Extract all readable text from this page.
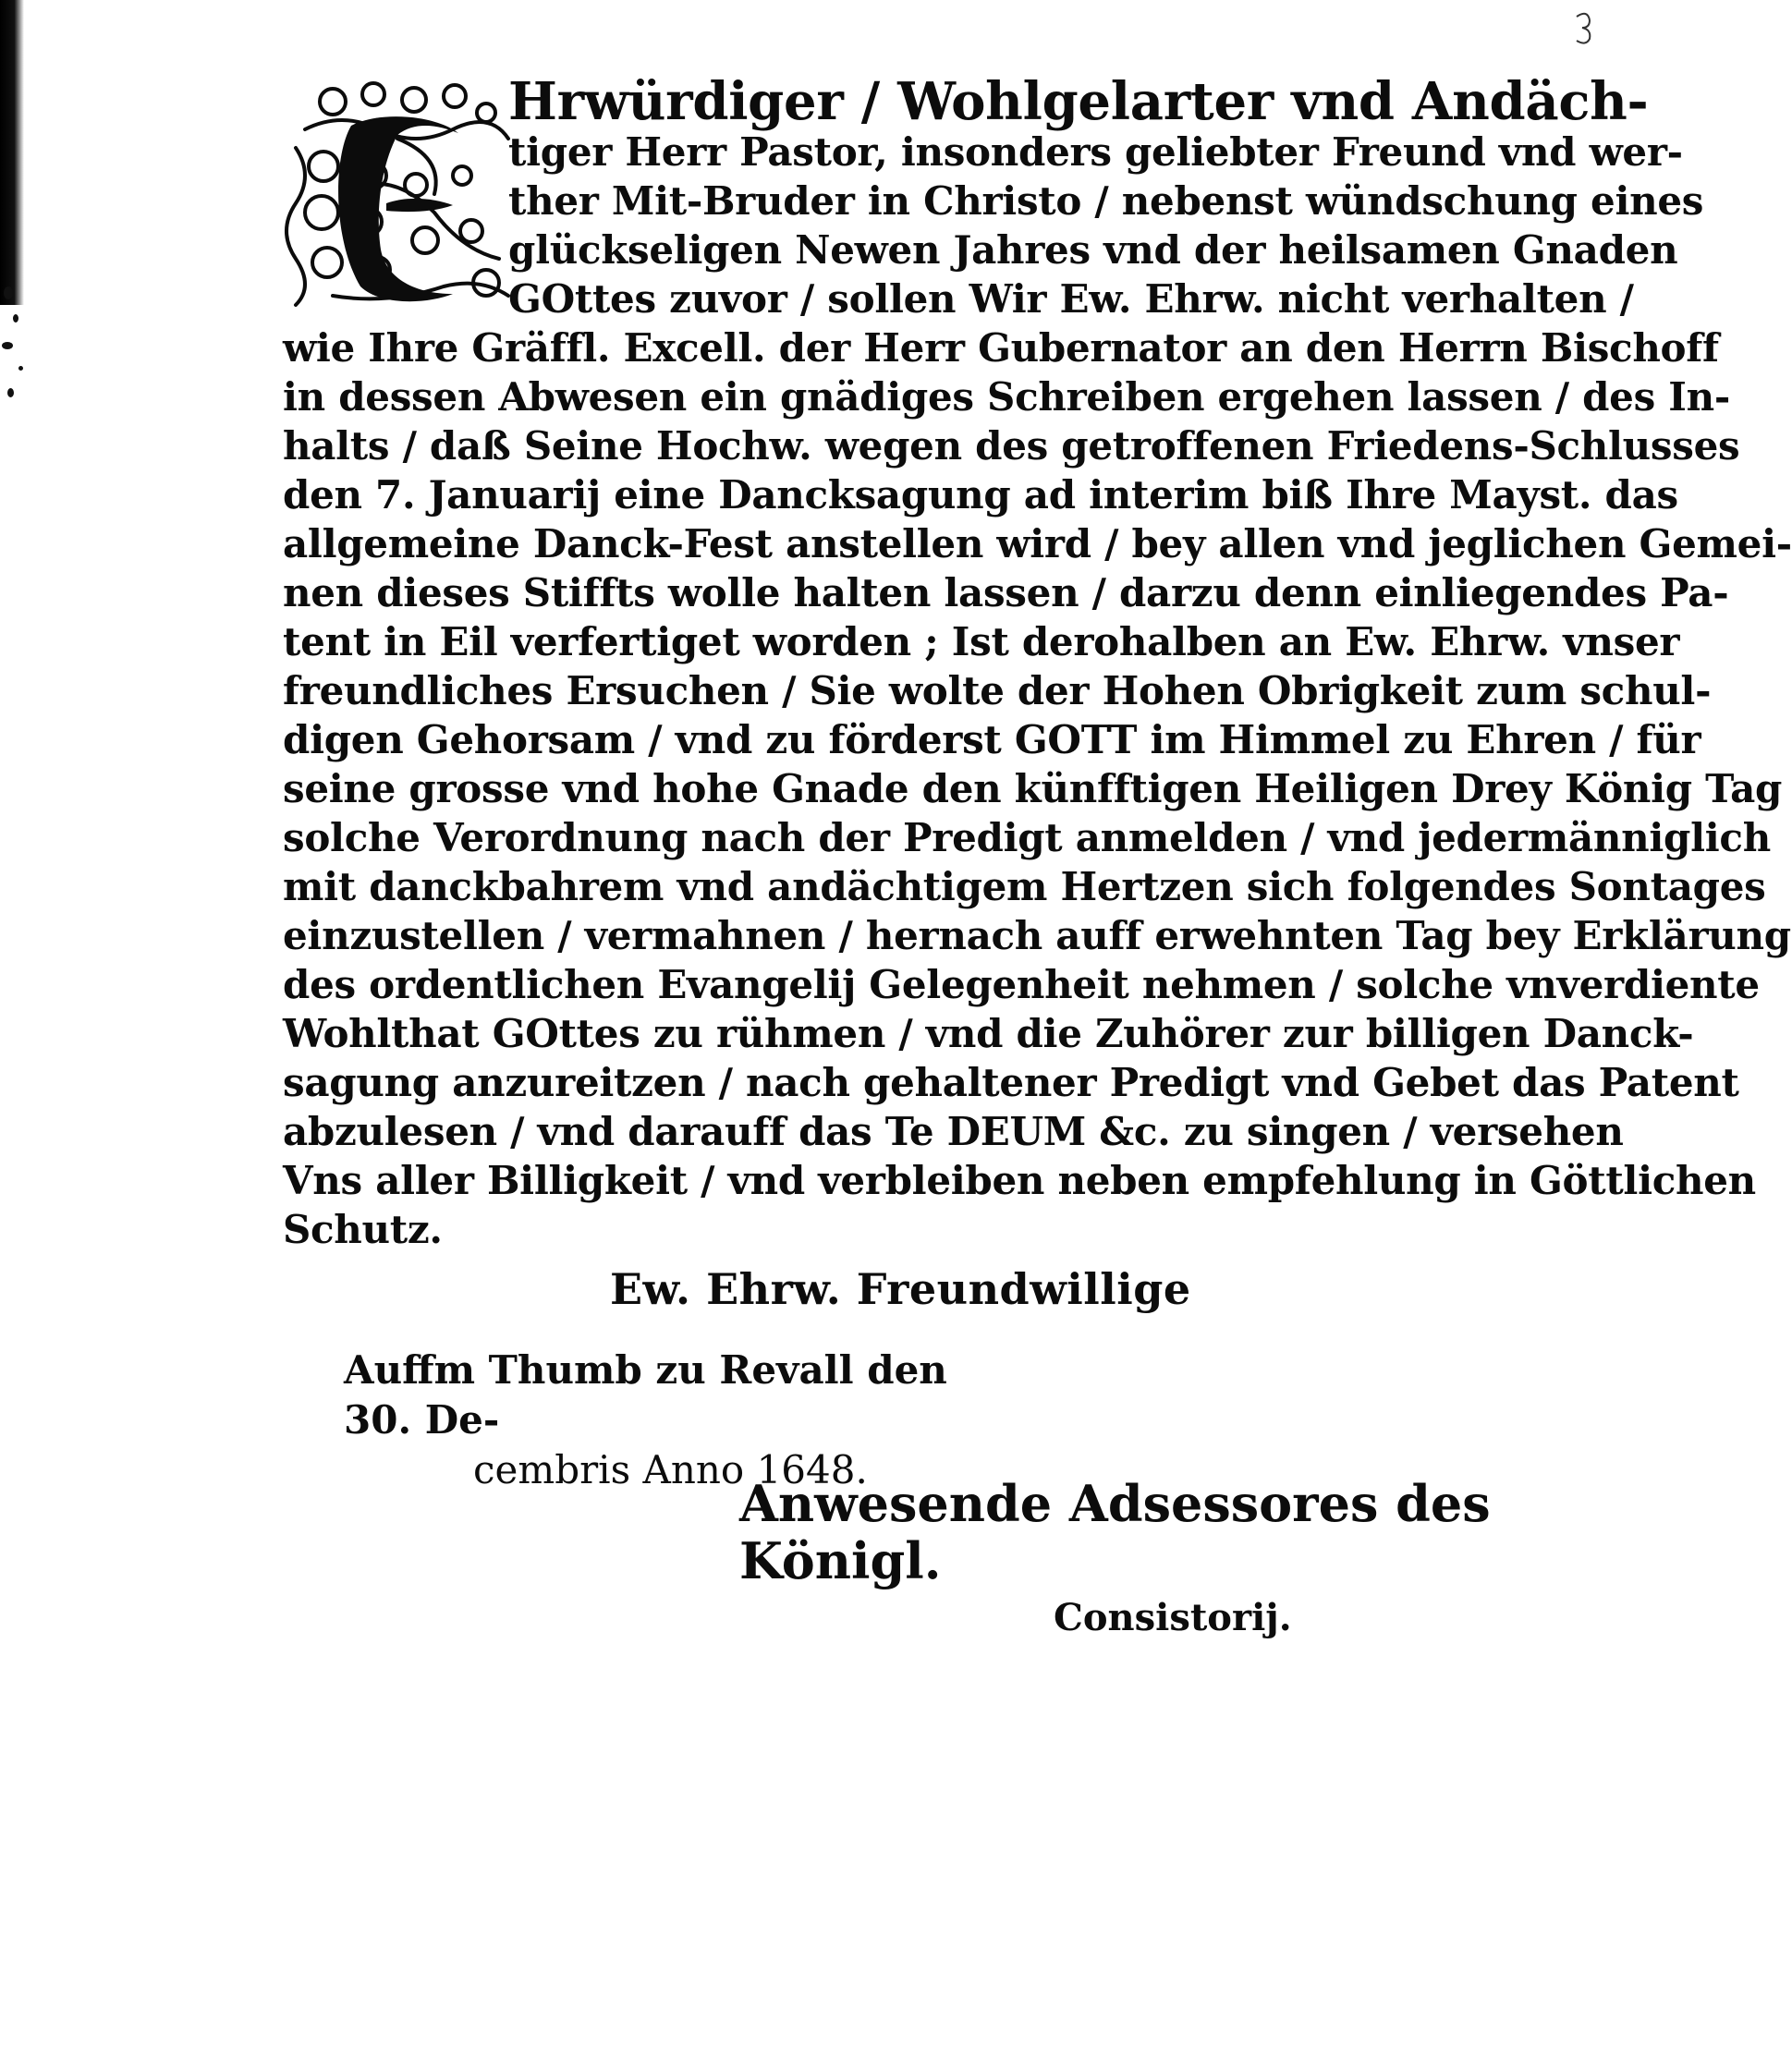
Hrwürdiger / Wohlgelarter vnd Andäch-
tiger Herr Pastor, insonders geliebter Freund vnd wer-
ther Mit-Bruder in Christo / nebenst wündschung eines
glückseligen Newen Jahres vnd der heilsamen Gnaden
GOttes zuvor / sollen Wir Ew. Ehrw. nicht verhalten /
wie Ihre Gräffl. Excell. der Herr Gubernator an den Herrn Bischoff
in dessen Abwesen ein gnädiges Schreiben ergehen lassen / des In-
halts / daß Seine Hochw. wegen des getroffenen Friedens-Schlusses
den 7. Januarij eine Dancksagung ad interim biß Ihre Mayst. das
allgemeine Danck-Fest anstellen wird / bey allen vnd jeglichen Gemei-
nen dieses Stiffts wolle halten lassen / darzu denn einliegendes Pa-
tent in Eil verfertiget worden ; Ist derohalben an Ew. Ehrw. vnser
freundliches Ersuchen / Sie wolte der Hohen Obrigkeit zum schul-
digen Gehorsam / vnd zu förderst GOTT im Himmel zu Ehren / für
seine grosse vnd hohe Gnade den künfftigen Heiligen Drey König Tag
solche Verordnung nach der Predigt anmelden / vnd jedermänniglich
mit danckbahrem vnd andächtigem Hertzen sich folgendes Sontages
einzustellen / vermahnen / hernach auff erwehnten Tag bey Erklärung
des ordentlichen Evangelij Gelegenheit nehmen / solche vnverdiente
Wohlthat GOttes zu rühmen / vnd die Zuhörer zur billigen Danck-
sagung anzureitzen / nach gehaltener Predigt vnd Gebet das Patent
abzulesen / vnd darauff das Te DEUM &c. zu singen / versehen
Vns aller Billigkeit / vnd verbleiben neben empfehlung in Göttlichen
Schutz.
Ew. Ehrw. Freundwillige
Auffm Thumb zu Revall den 30. De-
cembris Anno 1648.
Anwesende Adsessores des Königl.
Consistorij.
